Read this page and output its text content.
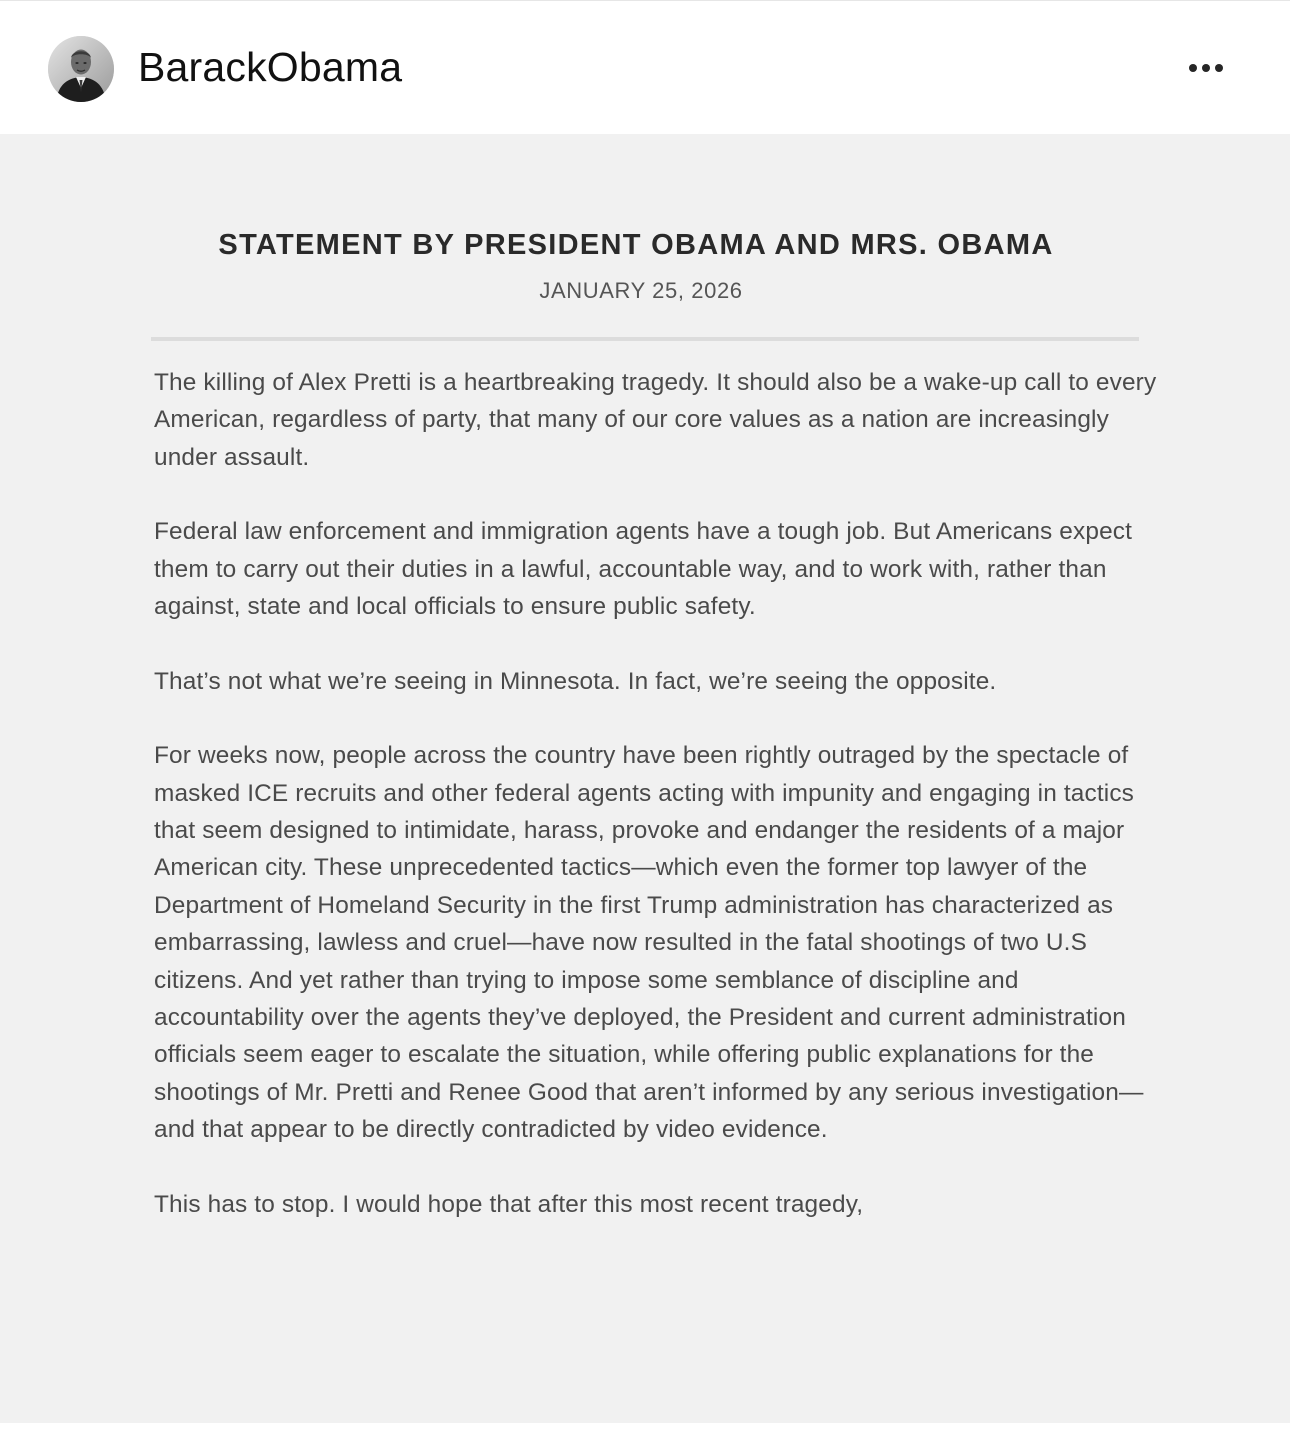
BarackObama
STATEMENT BY PRESIDENT OBAMA AND MRS. OBAMA
JANUARY 25, 2026

The killing of Alex Pretti is a heartbreaking tragedy. It should also be a wake-up call to every American, regardless of party, that many of our core values as a nation are increasingly under assault.

Federal law enforcement and immigration agents have a tough job. But Americans expect them to carry out their duties in a lawful, accountable way, and to work with, rather than against, state and local officials to ensure public safety.

That’s not what we’re seeing in Minnesota. In fact, we’re seeing the opposite.

For weeks now, people across the country have been rightly outraged by the spectacle of masked ICE recruits and other federal agents acting with impunity and engaging in tactics that seem designed to intimidate, harass, provoke and endanger the residents of a major American city. These unprecedented tactics—which even the former top lawyer of the Department of Homeland Security in the first Trump administration has characterized as embarrassing, lawless and cruel—have now resulted in the fatal shootings of two U.S citizens. And yet rather than trying to impose some semblance of discipline and accountability over the agents they’ve deployed, the President and current administration officials seem eager to escalate the situation, while offering public explanations for the shootings of Mr. Pretti and Renee Good that aren’t informed by any serious investigation—and that appear to be directly contradicted by video evidence.

This has to stop. I would hope that after this most recent tragedy,
